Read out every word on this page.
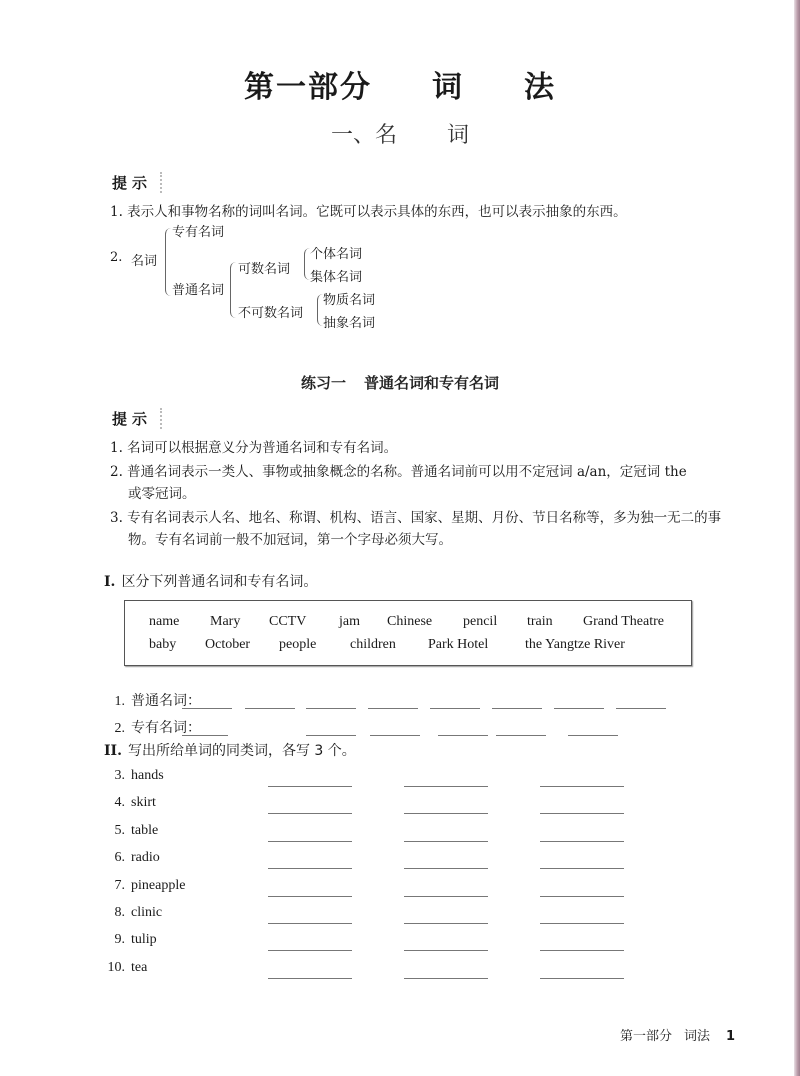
第一部分 词 法
一、名 词
提示
1. 表示人和事物名称的词叫名词。它既可以表示具体的东西，也可以表示抽象的东西。
2. 名词
专有名词
普通名词
可数名词
不可数名词
个体名词
集体名词
物质名词
抽象名词
练习一 普通名词和专有名词
提示
1. 名词可以根据意义分为普通名词和专有名词。
2. 普通名词表示一类人、事物或抽象概念的名称。普通名词前可以用不定冠词 a/an，定冠词 the
或零冠词。
3. 专有名词表示人名、地名、称谓、机构、语言、国家、星期、月份、节日名称等，多为独一无二的事
物。专有名词前一般不加冠词，第一个字母必须大写。
I. 区分下列普通名词和专有名词。
name Mary CCTV jam Chinese pencil train Grand Theatre
baby October people children Park Hotel	the Yangtze River
1. 普通名词：
2. 专有名词：
II. 写出所给单词的同类词，各写 3 个。
3. hands
4. skirt
5. table
6. radio
7. pineapple
8. clinic
9. tulip
10. tea
第一部分 词法 1
